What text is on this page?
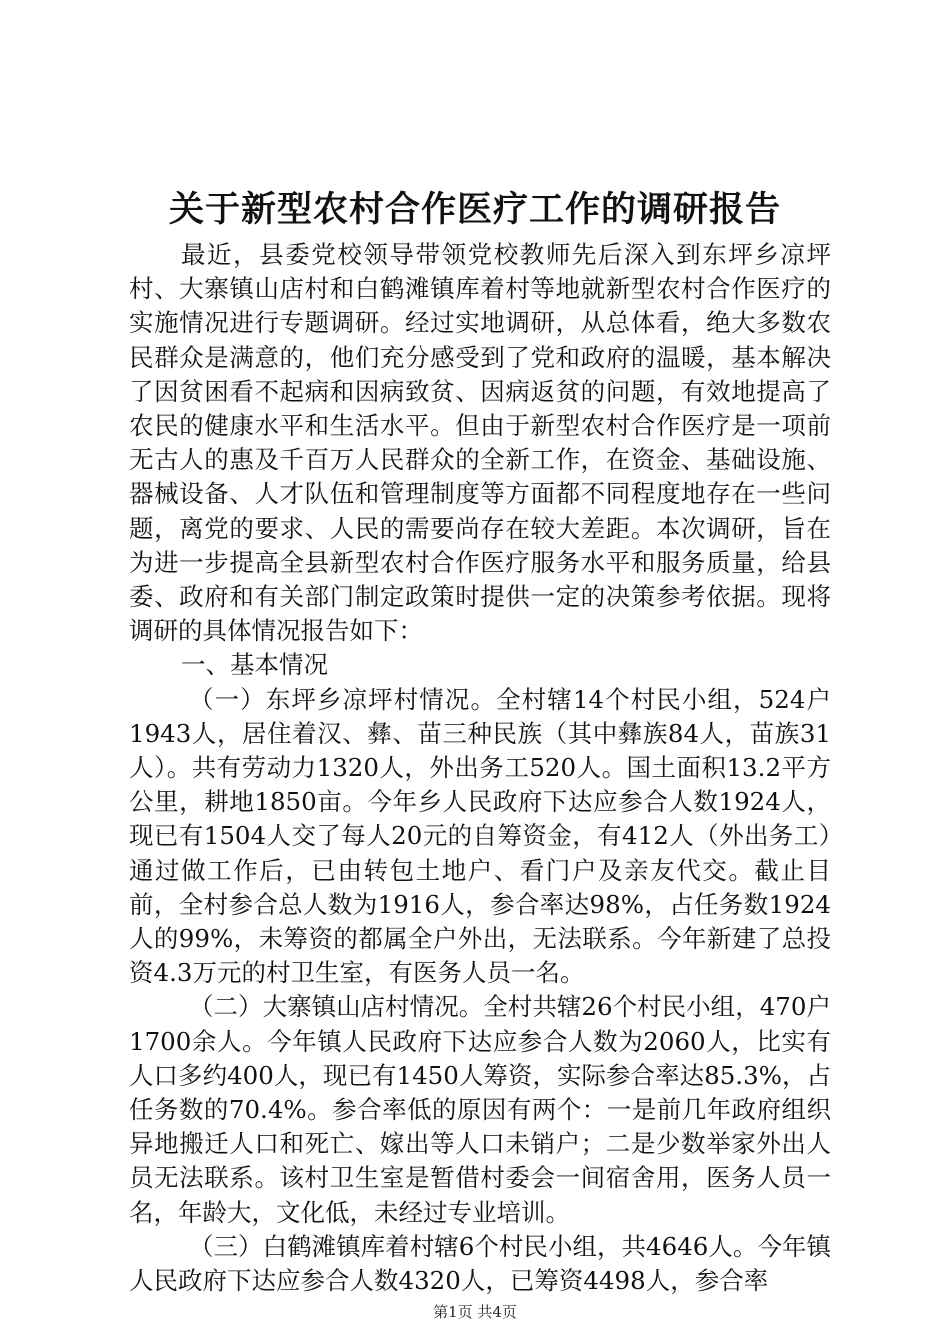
关于新型农村合作医疗工作的调研报告

最近，县委党校领导带领党校教师先后深入到东坪乡凉坪村、大寨镇山店村和白鹤滩镇库着村等地就新型农村合作医疗的实施情况进行专题调研。经过实地调研，从总体看，绝大多数农民群众是满意的，他们充分感受到了党和政府的温暖，基本解决了因贫困看不起病和因病致贫、因病返贫的问题，有效地提高了农民的健康水平和生活水平。但由于新型农村合作医疗是一项前无古人的惠及千百万人民群众的全新工作，在资金、基础设施、器械设备、人才队伍和管理制度等方面都不同程度地存在一些问题，离党的要求、人民的需要尚存在较大差距。本次调研，旨在为进一步提高全县新型农村合作医疗服务水平和服务质量，给县委、政府和有关部门制定政策时提供一定的决策参考依据。现将调研的具体情况报告如下：

一、基本情况

（一）东坪乡凉坪村情况。全村辖14个村民小组，524户1943人，居住着汉、彝、苗三种民族（其中彝族84人，苗族31人）。共有劳动力1320人，外出务工520人。国土面积13.2平方公里，耕地1850亩。今年乡人民政府下达应参合人数1924人，现已有1504人交了每人20元的自筹资金，有412人（外出务工）通过做工作后，已由转包土地户、看门户及亲友代交。截止目前，全村参合总人数为1916人，参合率达98%，占任务数1924人的99%，未筹资的都属全户外出，无法联系。今年新建了总投资4.3万元的村卫生室，有医务人员一名。

（二）大寨镇山店村情况。全村共辖26个村民小组，470户1700余人。今年镇人民政府下达应参合人数为2060人，比实有人口多约400人，现已有1450人筹资，实际参合率达85.3%，占任务数的70.4%。参合率低的原因有两个：一是前几年政府组织异地搬迁人口和死亡、嫁出等人口未销户；二是少数举家外出人员无法联系。该村卫生室是暂借村委会一间宿舍用，医务人员一名，年龄大，文化低，未经过专业培训。

（三）白鹤滩镇库着村辖6个村民小组，共4646人。今年镇人民政府下达应参合人数4320人，已筹资4498人，参合率

第1页 共4页
